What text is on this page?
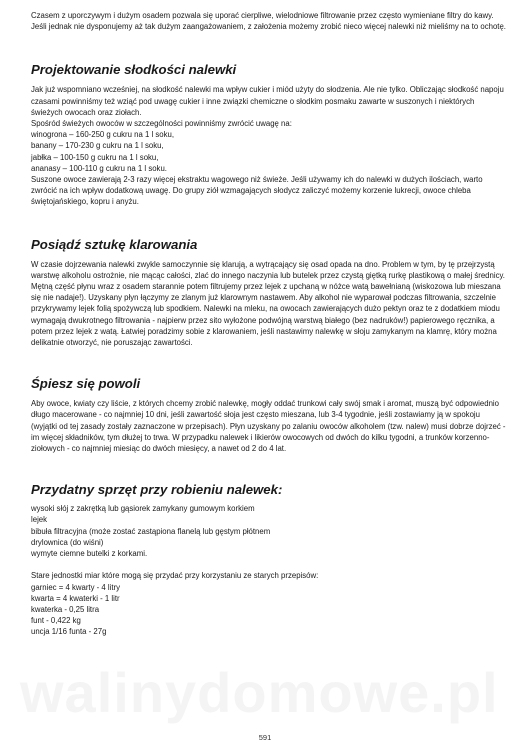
Czasem z uporczywym i dużym osadem pozwala się uporać cierpliwe, wielodniowe filtrowanie przez często wymieniane filtry do kawy. Jeśli jednak nie dysponujemy aż tak dużym zaangażowaniem, z założenia możemy zrobić nieco więcej nalewki niż mieliśmy na to ochotę.

Projektowanie słodkości nalewki

Jak już wspomniano wcześniej, na słodkość nalewki ma wpływ cukier i miód użyty do słodzenia. Ale nie tylko. Obliczając słodkość napoju czasami powinniśmy też wziąć pod uwagę cukier i inne związki chemiczne o słodkim posmaku zawarte w suszonych i niektórych świeżych owocach oraz ziołach.

Spośród świeżych owoców w szczególności powinniśmy zwrócić uwagę na:

winogrona – 160-250 g cukru na 1 l soku,
banany – 170-230 g cukru na 1 l soku,
jabłka – 100-150 g cukru na 1 l soku,
ananasy – 100-110 g cukru na 1 l soku.

Suszone owoce zawierają 2-3 razy więcej ekstraktu wagowego niż świeże. Jeśli używamy ich do nalewki w dużych ilościach, warto zwrócić na ich wpływ dodatkową uwagę. Do grupy ziół wzmagających słodycz zaliczyć możemy korzenie lukrecji, owoce chleba świętojańskiego, kopru i anyżu.

Posiądź sztukę klarowania

W czasie dojrzewania nalewki zwykle samoczynnie się klarują, a wytrącający się osad opada na dno. Problem w tym, by tę przejrzystą warstwę alkoholu ostrożnie, nie mącąc całości, zlać do innego naczynia lub butelek przez czystą giętką rurkę plastikową o małej średnicy. Mętną część płynu wraz z osadem starannie potem filtrujemy przez lejek z upchaną w nóżce watą bawełnianą (wiskozowa lub mieszana się nie nadaje!). Uzyskany płyn łączymy ze zlanym już klarownym nastawem. Aby alkohol nie wyparował podczas filtrowania, szczelnie przykrywamy lejek folią spożywczą lub spodkiem. Nalewki na mleku, na owocach zawierających dużo pektyn oraz te z dodatkiem miodu wymagają dwukrotnego filtrowania - najpierw przez sito wyłożone podwójną warstwą białego (bez nadruków!) papierowego ręcznika, a potem przez lejek z watą. Łatwiej poradzimy sobie z klarowaniem, jeśli nastawimy nalewkę w słoju zamykanym na klamrę, który można delikatnie otworzyć, nie poruszając zawartości.

Śpiesz się powoli

Aby owoce, kwiaty czy liście, z których chcemy zrobić nalewkę, mogły oddać trunkowi cały swój smak i aromat, muszą być odpowiednio długo macerowane - co najmniej 10 dni, jeśli zawartość słoja jest często mieszana, lub 3-4 tygodnie, jeśli zostawiamy ją w spokoju (wyjątki od tej zasady zostały zaznaczone w przepisach). Płyn uzyskany po zalaniu owoców alkoholem (tzw. nalew) musi dobrze dojrzeć - im więcej składników, tym dłużej to trwa. W przypadku nalewek i likierów owocowych od dwóch do kilku tygodni, a trunków korzenno-ziołowych - co najmniej miesiąc do dwóch miesięcy, a nawet od 2 do 4 lat.

Przydatny sprzęt przy robieniu nalewek:
wysoki słój z zakrętką lub gąsiorek zamykany gumowym korkiem
lejek
bibuła filtracyjna (może zostać zastąpiona flanelą lub gęstym płótnem
drylownica (do wiśni)
wymyte ciemne butelki z korkami.
Stare jednostki miar które mogą się przydać przy korzystaniu ze starych przepisów:
garniec = 4 kwarty - 4 litry
kwarta = 4 kwaterki - 1 litr
kwaterka - 0,25 litra
funt - 0,422 kg
uncja 1/16 funta - 27g
walinydomowe.pl
591
